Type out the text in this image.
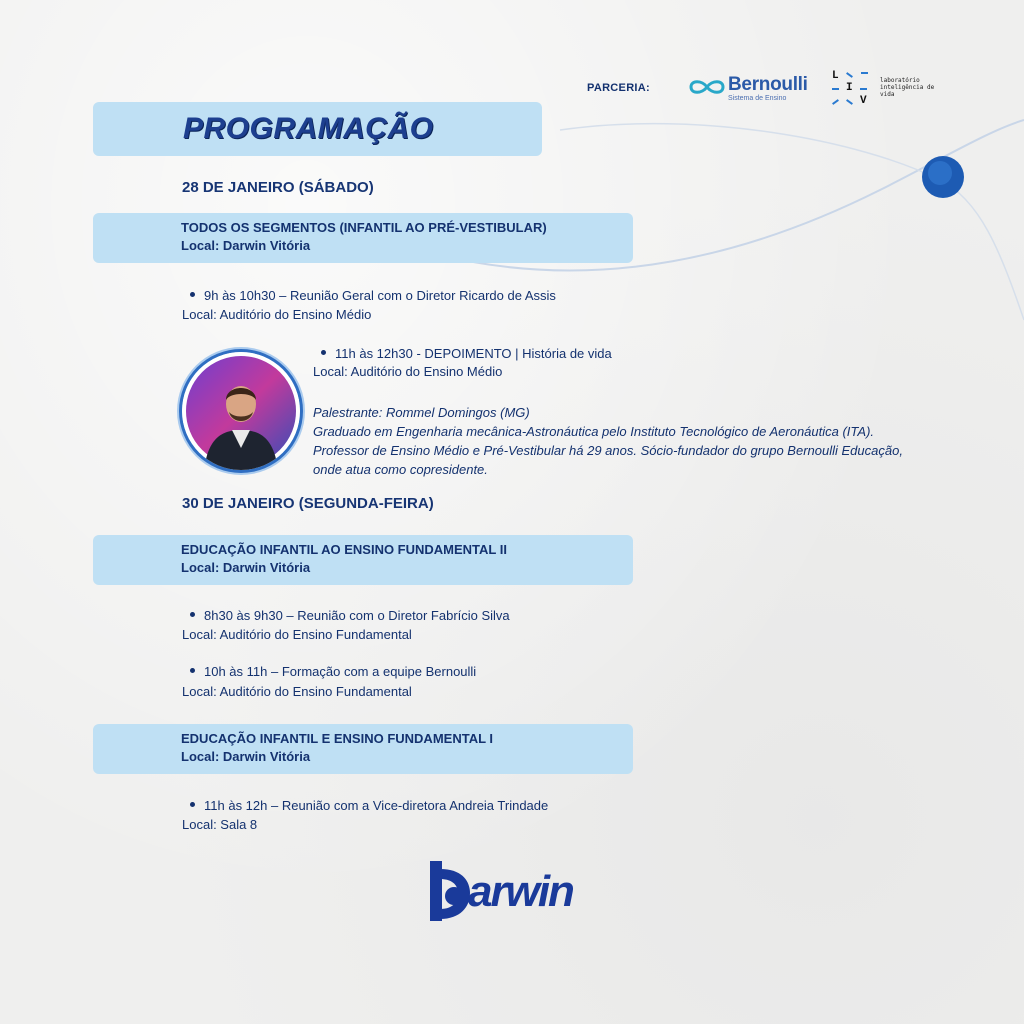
PARCERIA:	Bernoulli
Sistema de Ensino
L
I
V
laboratório inteligência de vida
PROGRAMAÇÃO
28 DE JANEIRO (SÁBADO)
TODOS OS SEGMENTOS (INFANTIL AO PRÉ-VESTIBULAR)
Local: Darwin Vitória
9h às 10h30 – Reunião Geral com o Diretor Ricardo de Assis
Local: Auditório do Ensino Médio
11h às 12h30 - DEPOIMENTO | História de vida
Local: Auditório do Ensino Médio
Palestrante: Rommel Domingos (MG)
Graduado em Engenharia mecânica-Astronáutica pelo Instituto Tecnológico de Aeronáutica (ITA). Professor de Ensino Médio e Pré-Vestibular há 29 anos. Sócio-fundador do grupo Bernoulli Educação, onde atua como copresidente.
30 DE JANEIRO (SEGUNDA-FEIRA)
EDUCAÇÃO INFANTIL AO ENSINO FUNDAMENTAL II
Local: Darwin Vitória
8h30 às 9h30 – Reunião com o Diretor Fabrício Silva
Local: Auditório do Ensino Fundamental
10h às 11h – Formação com a equipe Bernoulli
Local: Auditório do Ensino Fundamental
EDUCAÇÃO INFANTIL E ENSINO FUNDAMENTAL I
Local: Darwin Vitória
11h às 12h – Reunião com a Vice-diretora Andreia Trindade
Local: Sala 8
arwin
